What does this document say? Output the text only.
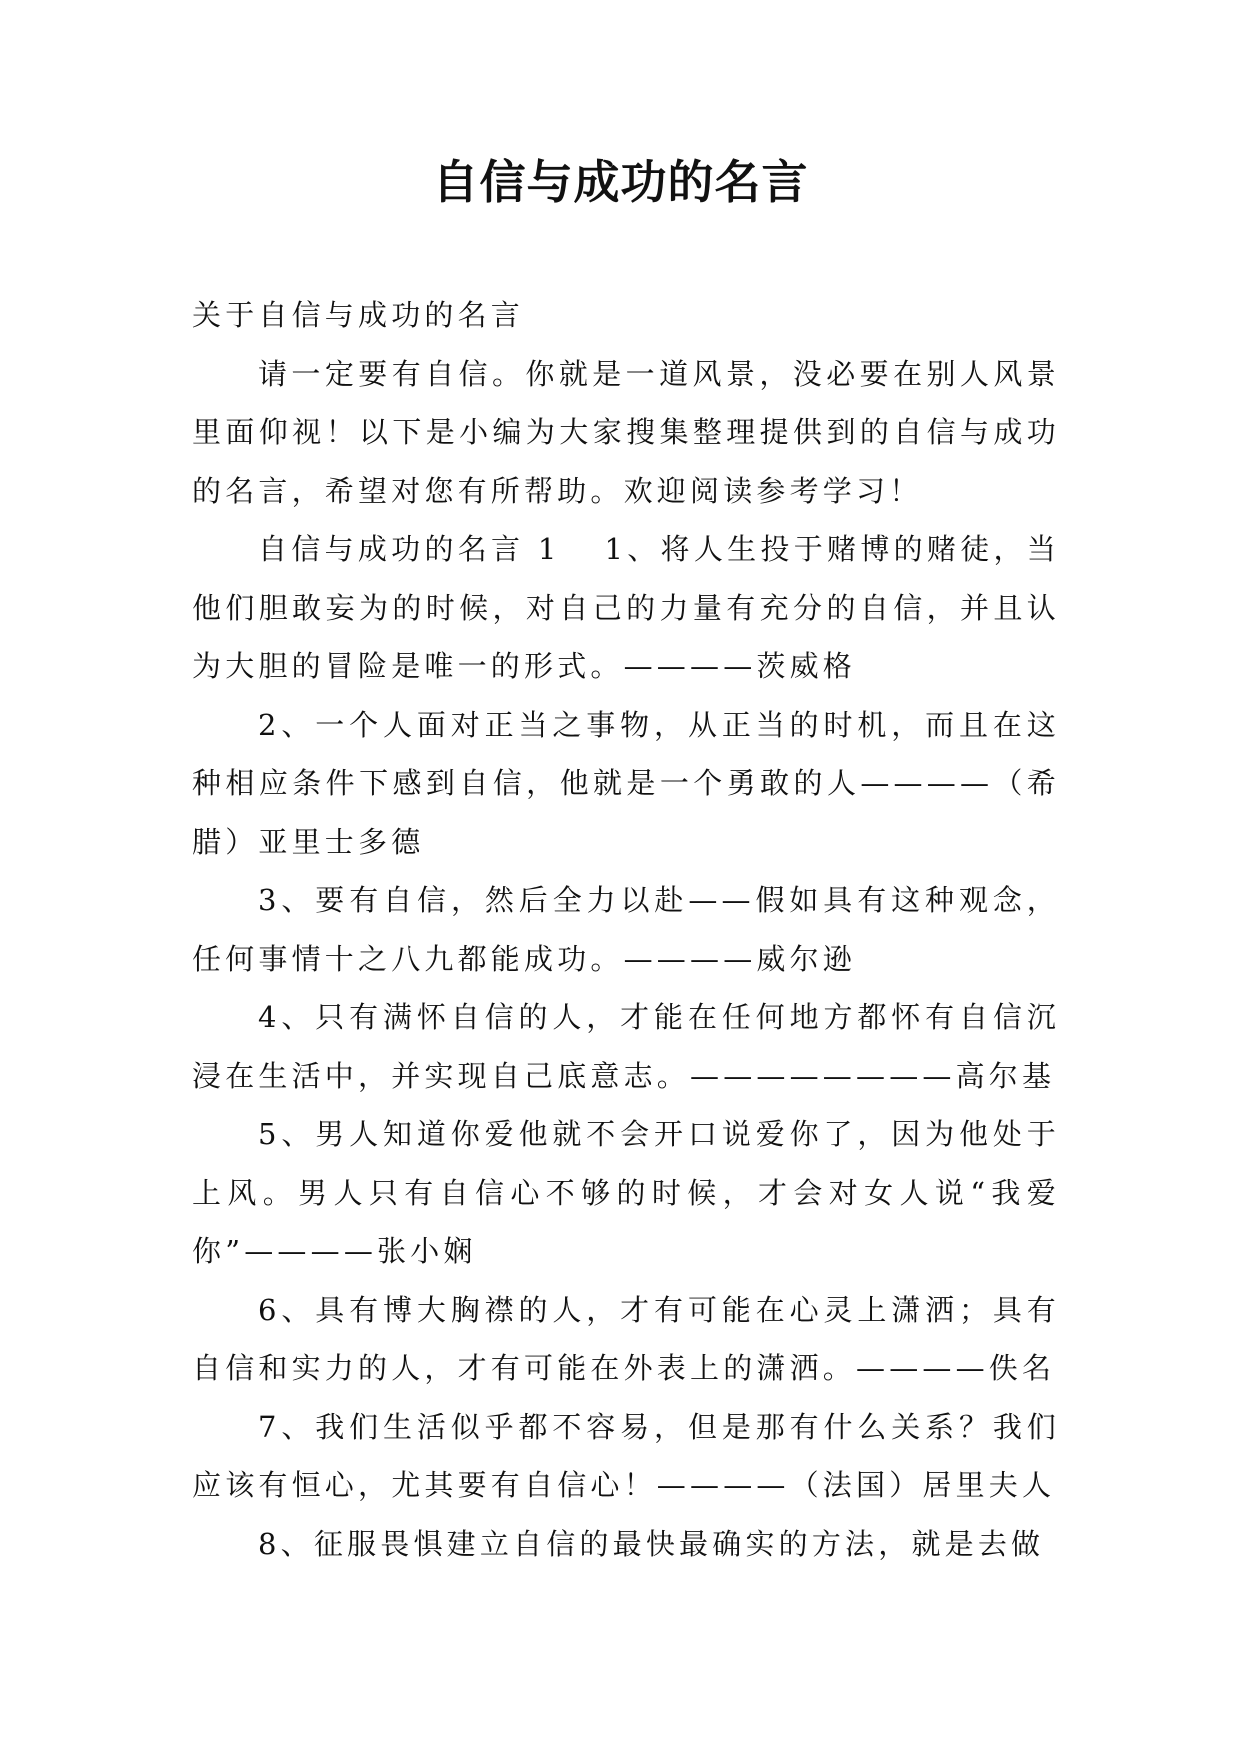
自信与成功的名言

关于自信与成功的名言

请一定要有自信。你就是一道风景，没必要在别人风景里面仰视！以下是小编为大家搜集整理提供到的自信与成功的名言，希望对您有所帮助。欢迎阅读参考学习！

自信与成功的名言 1 1、将人生投于赌博的赌徒，当他们胆敢妄为的时候，对自己的力量有充分的自信，并且认为大胆的冒险是唯一的形式。————茨威格

2、一个人面对正当之事物，从正当的时机，而且在这种相应条件下感到自信，他就是一个勇敢的人————（希腊）亚里士多德

3、要有自信，然后全力以赴——假如具有这种观念，任何事情十之八九都能成功。————威尔逊

4、只有满怀自信的人，才能在任何地方都怀有自信沉浸在生活中，并实现自己底意志。————————高尔基

5、男人知道你爱他就不会开口说爱你了，因为他处于上风。男人只有自信心不够的时候，才会对女人说“我爱你”————张小娴

6、具有博大胸襟的人，才有可能在心灵上潇洒；具有自信和实力的人，才有可能在外表上的潇洒。————佚名

7、我们生活似乎都不容易，但是那有什么关系？我们应该有恒心，尤其要有自信心！————（法国）居里夫人

8、征服畏惧建立自信的最快最确实的方法，就是去做
